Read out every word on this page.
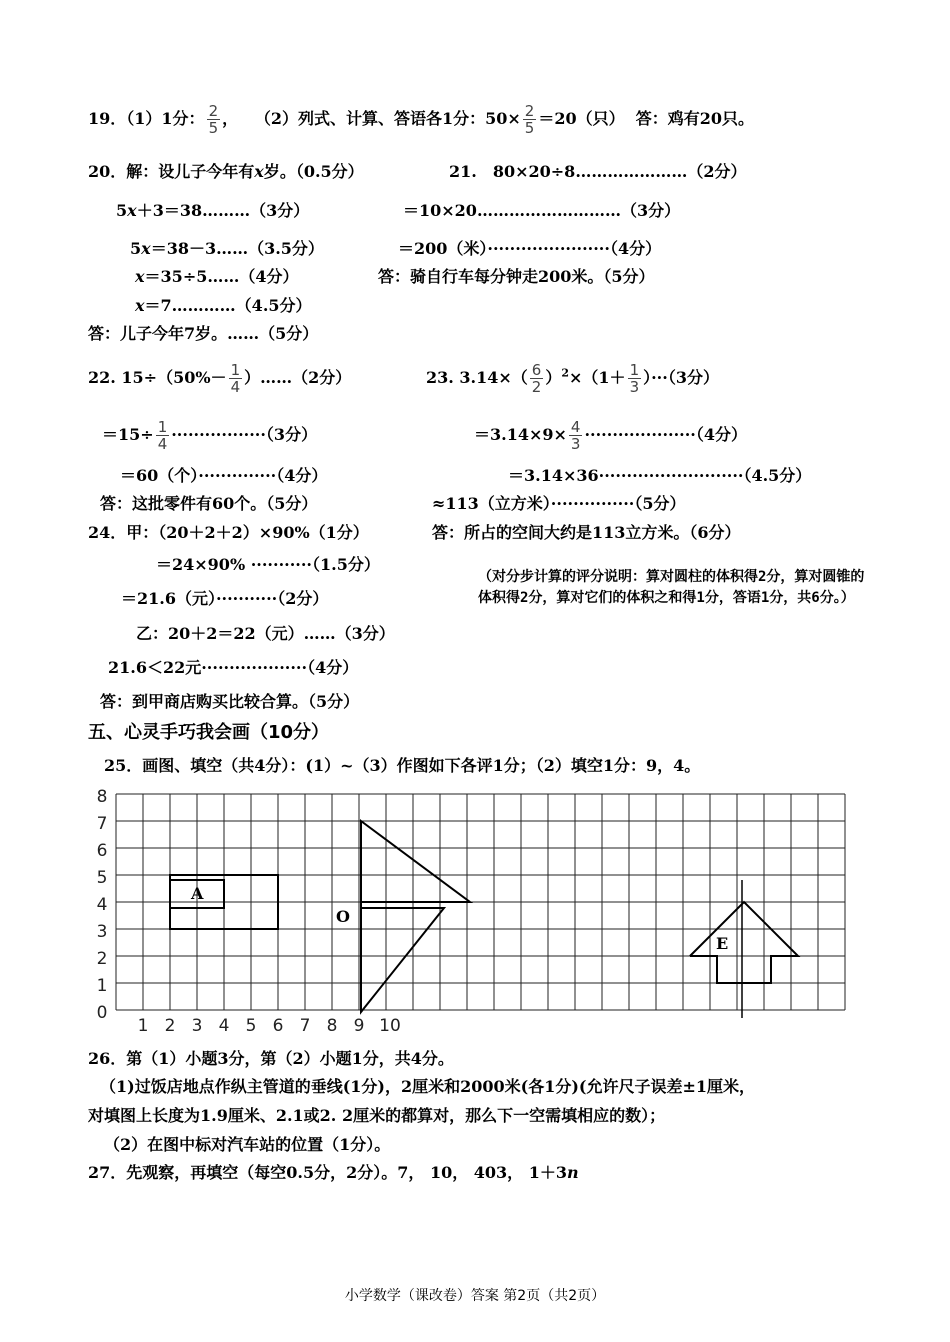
19．（1）1分： $\frac{2}{5}$ ， （2）列式、计算、答语各1分：$50\times \frac{2}{5} =20$（只） 答：鸡有20只。
20．解：设儿子今年有x岁。（0.5分）
5x＋3＝38………（3分）
5x＝38－3……（3.5分）
x＝35÷5……（4分）
x＝7…………（4.5分）
答：儿子今年7岁。……（5分）
21.　80×20÷8…………………（2分）
＝10×20………………………（3分）
＝200（米）······················（4分）
答：骑自行车每分钟走200米。（5分）
22. $15\div(50\%- \frac{1}{4}$ ）……（2分）
$=15\div \frac{1}{4} \cdot\cdot\cdot\cdot\cdot\cdot\cdot\cdot\cdot\cdot\cdot\cdot\cdot\cdot\cdot\cdot\cdot(3$分）
＝60（个）··············（4分）
答：这批零件有60个。（5分）
23. $3.14\times( \frac{6}{2} )^2\times(1+ \frac{1}{3} )\cdot\cdot\cdot(3$分）
$=3.14\times 9\times \frac{4}{3} \cdot\cdot\cdot\cdot\cdot\cdot\cdot\cdot\cdot\cdot\cdot\cdot\cdot\cdot\cdot\cdot\cdot\cdot\cdot\cdot(4$分）
＝3.14×36··························（4.5分）
≈113（立方米）···············（5分）
答：所占的空间大约是113立方米。（6分）
24．甲：（20＋2＋2）×90%（1分）
＝24×90% ···········（1.5分）
＝21.6（元）···········（2分）
乙：20＋2＝22（元）……（3分）
21.6＜22元···················（4分）
答：到甲商店购买比较合算。（5分）
（对分步计算的评分说明：算对圆柱的体积得2分，算对圆锥的体积得2分，算对它们的体积之和得1分，答语1分，共6分。）
五、心灵手巧我会画（10分）
25．画图、填空（共4分）：(1）~（3）作图如下各评1分；（2）填空1分：9，4。
8
7
6
5
4
3
2
1
0
1 2 3 4 5 6 7 8 9 10
A
O
E
26．第（1）小题3分，第（2）小题1分，共4分。
（1)过饭店地点作纵主管道的垂线(1分)，2厘米和2000米(各1分)(允许尺子误差±1厘米，
对填图上长度为1.9厘米、2.1或2. 2厘米的都算对，那么下一空需填相应的数）；
（2）在图中标对汽车站的位置（1分）。
27．先观察，再填空（每空0.5分，2分）。7， 10， 403， 1＋3n
小学数学（课改卷）答案 第2页（共2页）
